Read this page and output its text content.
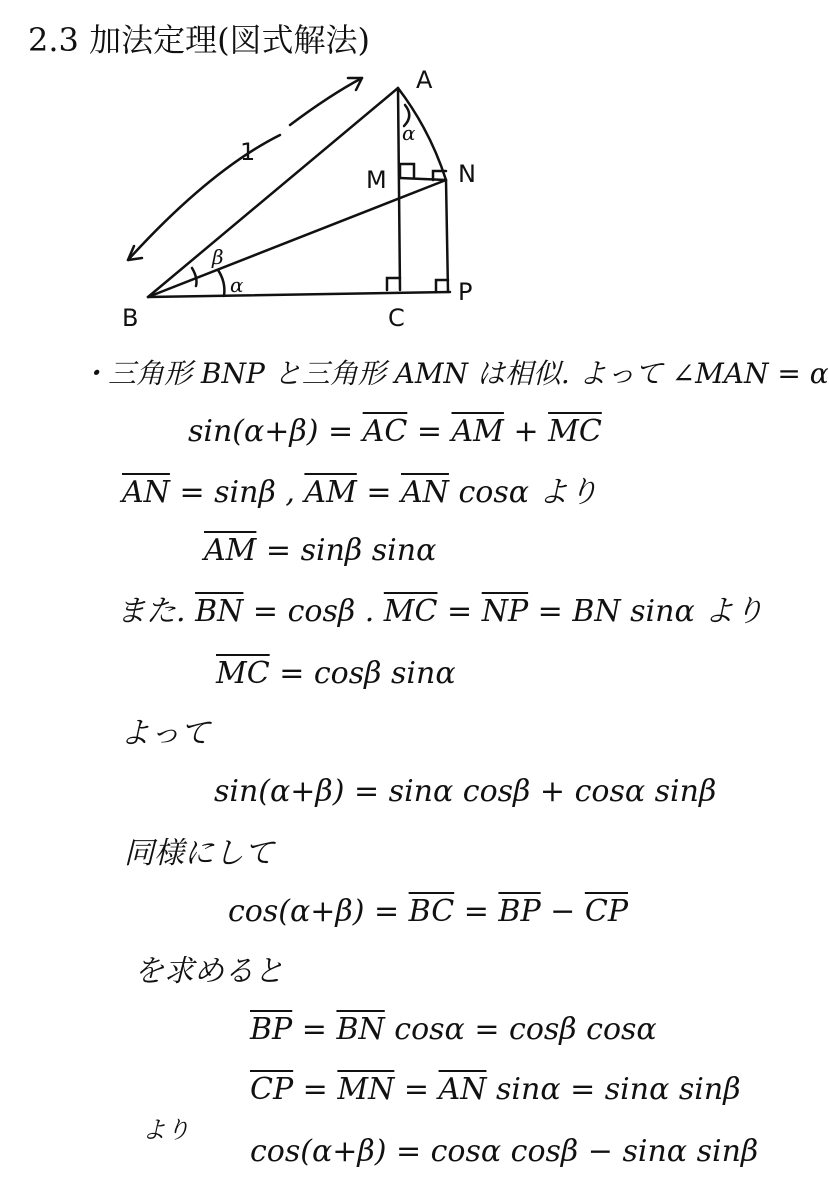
2.3 加法定理(図式解法)
A
N
M
B	C
P
1
α
β
α
・三角形 BNP と三角形 AMN は相似. よって ∠MAN = α
$\sin(\alpha+\beta) = \overline{AC} = \overline{AM} + \overline{MC}$
$\overline{AN} = \sin\beta$ , $\overline{AM} = \overline{AN}$ cosα より
$\overline{AM} = \sin\beta$ sinα
また. $\overline{BN} = \cos\beta$ . $\overline{MC} = \overline{NP}$ = BN sinα より
$\overline{MC} = \cos\beta$ sinα
よって
sin(α+β) = sinα cosβ + cosα sinβ
同様にして
$\cos(\alpha+\beta) = \overline{BC} = \overline{BP} - \overline{CP}$
を求めると
$\overline{BP} = \overline{BN}$ cosα = cosβ cosα
$\overline{CP} = \overline{MN} = \overline{AN}$ sinα = sinα sinβ
より
cos(α+β) = cosα cosβ − sinα sinβ
